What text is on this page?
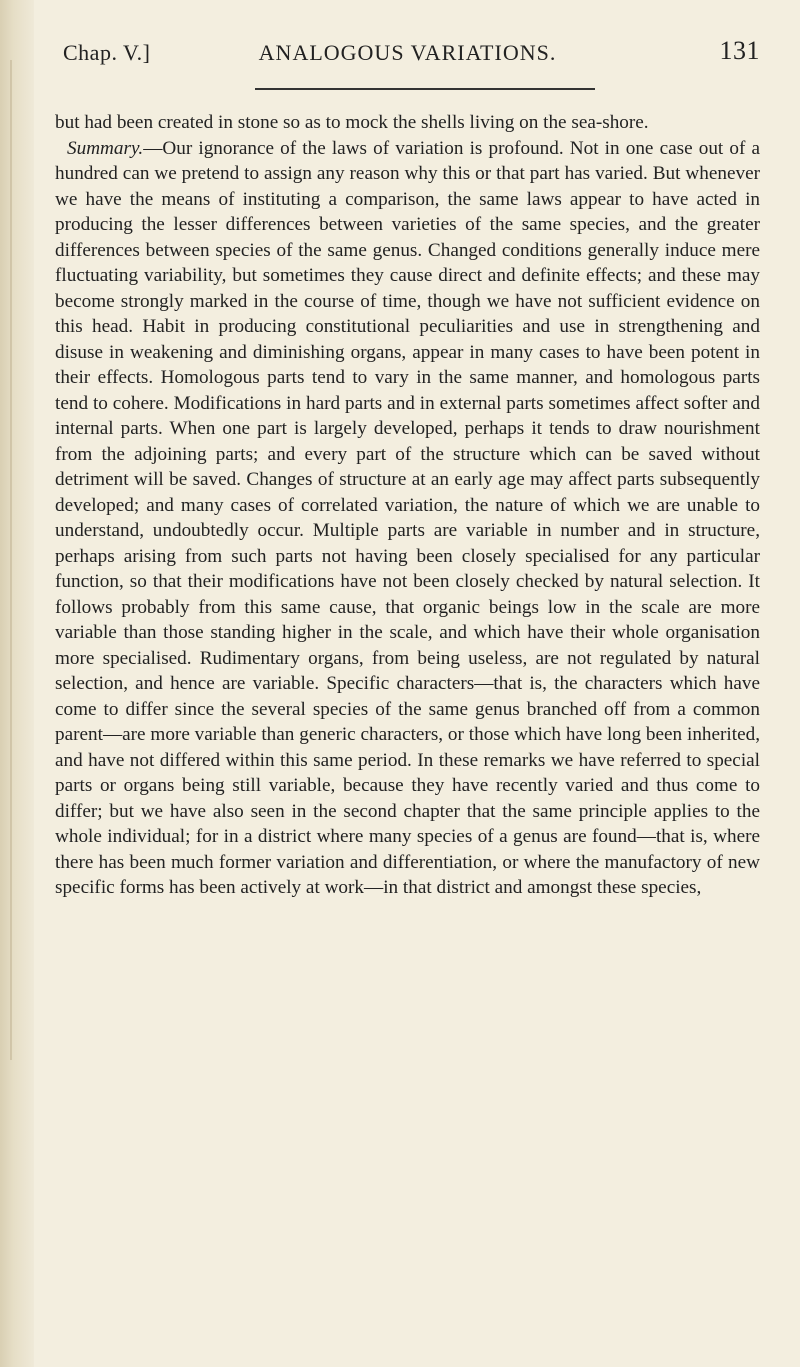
Chap. V.]	ANALOGOUS VARIATIONS.	131

but had been created in stone so as to mock the shells living on the sea-shore.

Summary.—Our ignorance of the laws of variation is profound. Not in one case out of a hundred can we pretend to assign any reason why this or that part has varied. But whenever we have the means of instituting a comparison, the same laws appear to have acted in producing the lesser differences between varieties of the same species, and the greater differences between species of the same genus. Changed conditions generally induce mere fluctuating variability, but sometimes they cause direct and definite effects; and these may become strongly marked in the course of time, though we have not sufficient evidence on this head. Habit in producing constitutional peculiarities and use in strengthening and disuse in weakening and diminishing organs, appear in many cases to have been potent in their effects. Homologous parts tend to vary in the same manner, and homologous parts tend to cohere. Modifications in hard parts and in external parts sometimes affect softer and internal parts. When one part is largely developed, perhaps it tends to draw nourishment from the adjoining parts; and every part of the structure which can be saved without detriment will be saved. Changes of structure at an early age may affect parts subsequently developed; and many cases of correlated variation, the nature of which we are unable to understand, undoubtedly occur. Multiple parts are variable in number and in structure, perhaps arising from such parts not having been closely specialised for any particular function, so that their modifications have not been closely checked by natural selection. It follows probably from this same cause, that organic beings low in the scale are more variable than those standing higher in the scale, and which have their whole organisation more specialised. Rudimentary organs, from being useless, are not regulated by natural selection, and hence are variable. Specific characters—that is, the characters which have come to differ since the several species of the same genus branched off from a common parent—are more variable than generic characters, or those which have long been inherited, and have not differed within this same period. In these remarks we have referred to special parts or organs being still variable, because they have recently varied and thus come to differ; but we have also seen in the second chapter that the same principle applies to the whole individual; for in a district where many species of a genus are found—that is, where there has been much former variation and differentiation, or where the manufactory of new specific forms has been actively at work—in that district and amongst these species,
